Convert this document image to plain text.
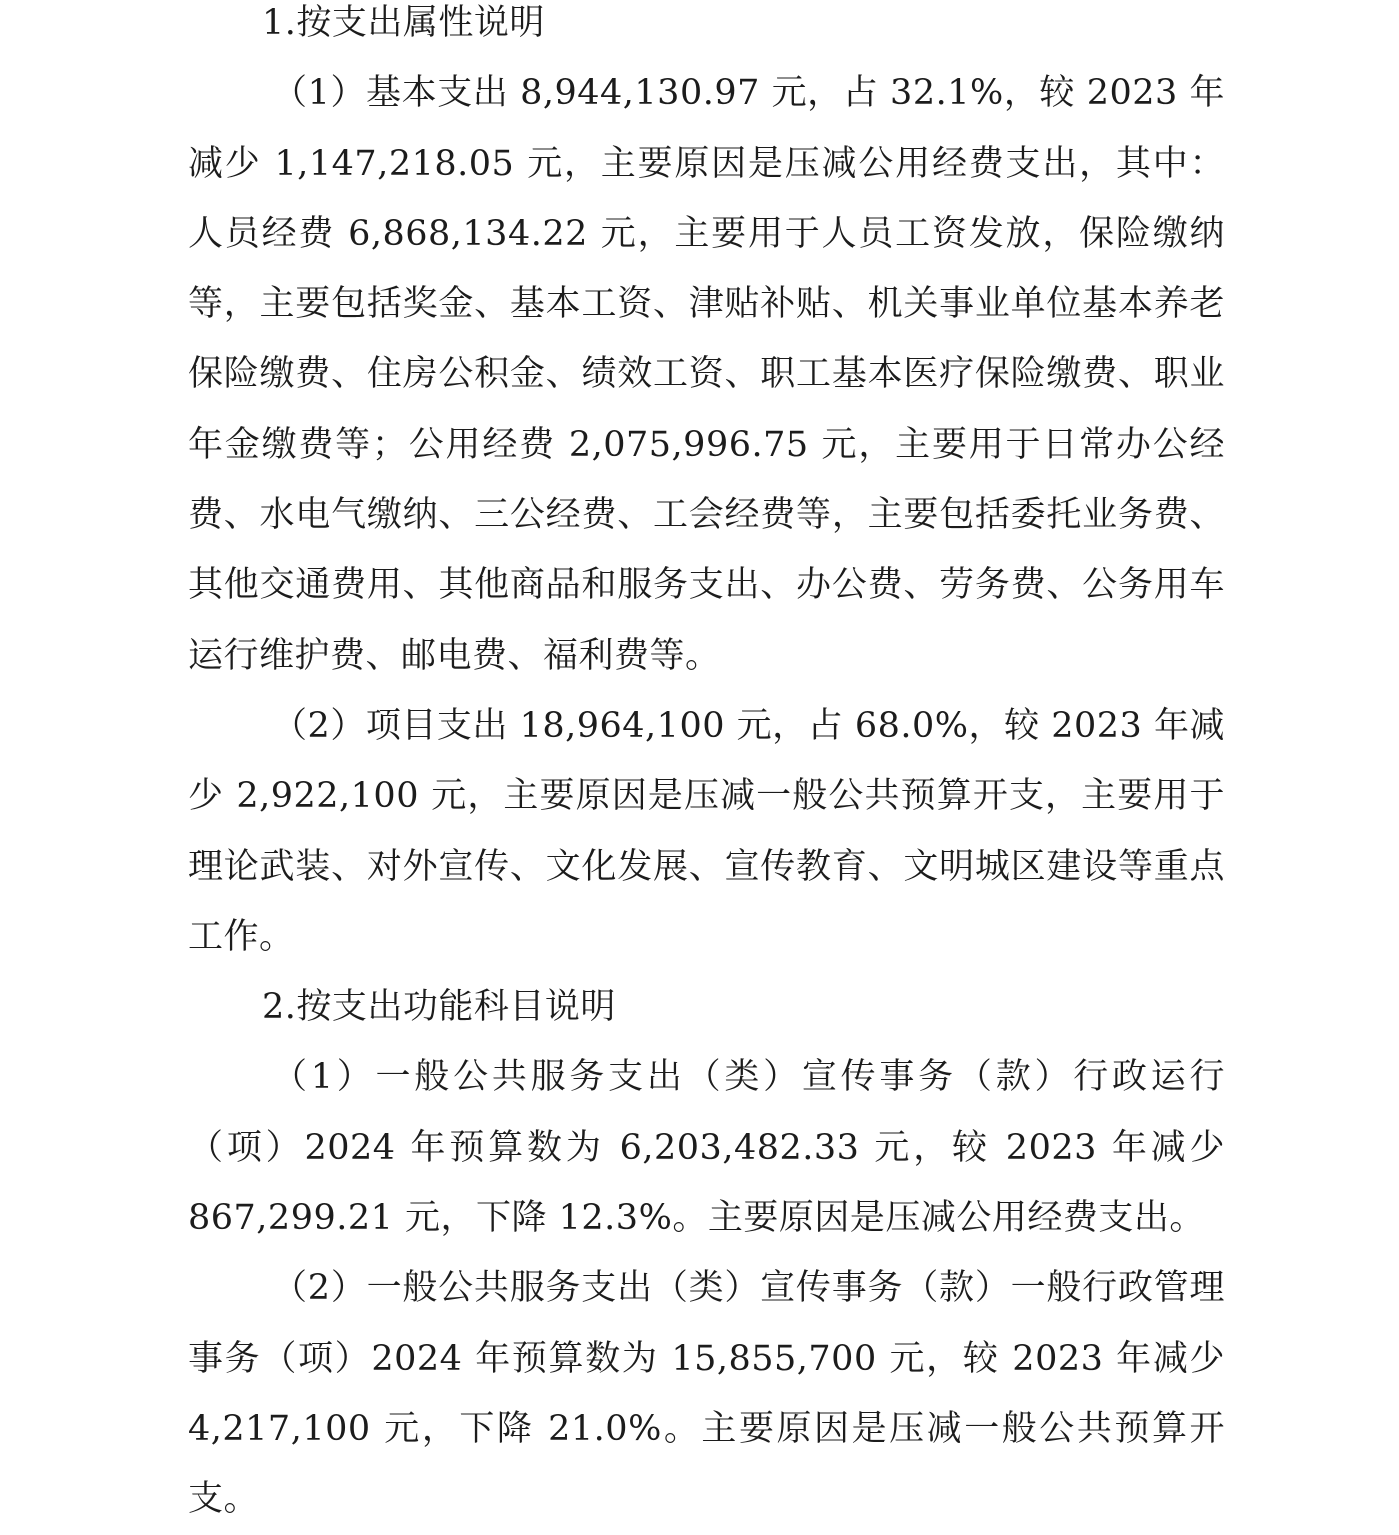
1.按支出属性说明

（1）基本支出 8,944,130.97 元，占 32.1%，较 2023 年减少 1,147,218.05 元，主要原因是压减公用经费支出，其中：人员经费 6,868,134.22 元，主要用于人员工资发放，保险缴纳等，主要包括奖金、基本工资、津贴补贴、机关事业单位基本养老保险缴费、住房公积金、绩效工资、职工基本医疗保险缴费、职业年金缴费等；公用经费 2,075,996.75 元，主要用于日常办公经费、水电气缴纳、三公经费、工会经费等，主要包括委托业务费、其他交通费用、其他商品和服务支出、办公费、劳务费、公务用车运行维护费、邮电费、福利费等。

（2）项目支出 18,964,100 元，占 68.0%，较 2023 年减少 2,922,100 元，主要原因是压减一般公共预算开支，主要用于理论武装、对外宣传、文化发展、宣传教育、文明城区建设等重点工作。

2.按支出功能科目说明

（1）一般公共服务支出（类）宣传事务（款）行政运行（项）2024 年预算数为 6,203,482.33 元，较 2023 年减少 867,299.21 元，下降 12.3%。主要原因是压减公用经费支出。

（2）一般公共服务支出（类）宣传事务（款）一般行政管理事务（项）2024 年预算数为 15,855,700 元，较 2023 年减少 4,217,100 元，下降 21.0%。主要原因是压减一般公共预算开支。
